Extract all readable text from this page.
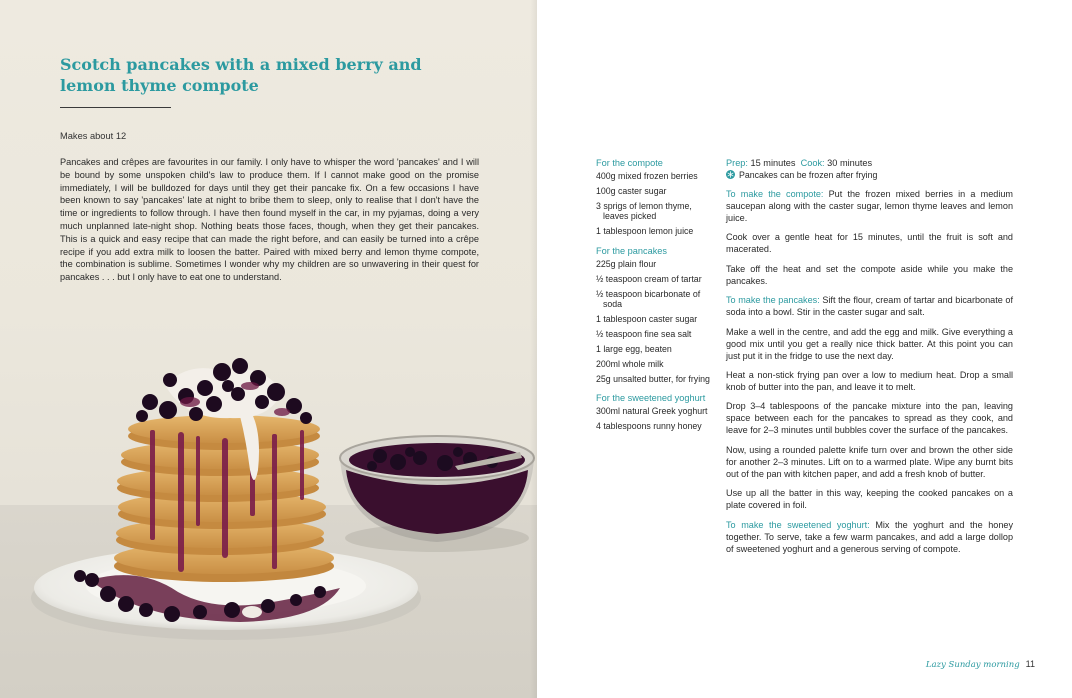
Scotch pancakes with a mixed berry and lemon thyme compote
Makes about 12

Pancakes and crêpes are favourites in our family. I only have to whisper the word 'pancakes' and I will be bound by some unspoken child's law to produce them. If I cannot make good on the promise immediately, I will be bulldozed for days until they get their pancake fix. On a few occasions I have been known to say 'pancakes' late at night to bribe them to sleep, only to realise that I don't have the time or ingredients to follow through. I have then found myself in the car, in my pyjamas, doing a very much unplanned late-night shop. Nothing beats those faces, though, when they get their pancakes. This is a quick and easy recipe that can made the right before, and can easily be turned into a crêpe recipe if you add extra milk to loosen the batter. Paired with mixed berry and lemon thyme compote, the combination is sublime. Sometimes I wonder why my children are so unwavering in their quest for pancakes . . . but I only have to eat one to understand.

For the compote
400g mixed frozen berries
100g caster sugar
3 sprigs of lemon thyme, leaves picked
1 tablespoon lemon juice
For the pancakes
225g plain flour
½ teaspoon cream of tartar
½ teaspoon bicarbonate of soda
1 tablespoon caster sugar
½ teaspoon fine sea salt
1 large egg, beaten
200ml whole milk
25g unsalted butter, for frying
For the sweetened yoghurt
300ml natural Greek yoghurt
4 tablespoons runny honey
Prep: 15 minutes Cook: 30 minutes
Pancakes can be frozen after frying

To make the compote: Put the frozen mixed berries in a medium saucepan along with the caster sugar, lemon thyme leaves and lemon juice.

Cook over a gentle heat for 15 minutes, until the fruit is soft and macerated.

Take off the heat and set the compote aside while you make the pancakes.

To make the pancakes: Sift the flour, cream of tartar and bicarbonate of soda into a bowl. Stir in the caster sugar and salt.

Make a well in the centre, and add the egg and milk. Give everything a good mix until you get a really nice thick batter. At this point you can just put it in the fridge to use the next day.

Heat a non-stick frying pan over a low to medium heat. Drop a small knob of butter into the pan, and leave it to melt.

Drop 3–4 tablespoons of the pancake mixture into the pan, leaving space between each for the pancakes to spread as they cook, and leave for 2–3 minutes until bubbles cover the surface of the pancakes.

Now, using a rounded palette knife turn over and brown the other side for another 2–3 minutes. Lift on to a warmed plate. Wipe any burnt bits out of the pan with kitchen paper, and add a fresh knob of butter.

Use up all the batter in this way, keeping the cooked pancakes on a plate covered in foil.

To make the sweetened yoghurt: Mix the yoghurt and the honey together. To serve, take a few warm pancakes, and add a large dollop of sweetened yoghurt and a generous serving of compote.

Lazy Sunday morning 11
